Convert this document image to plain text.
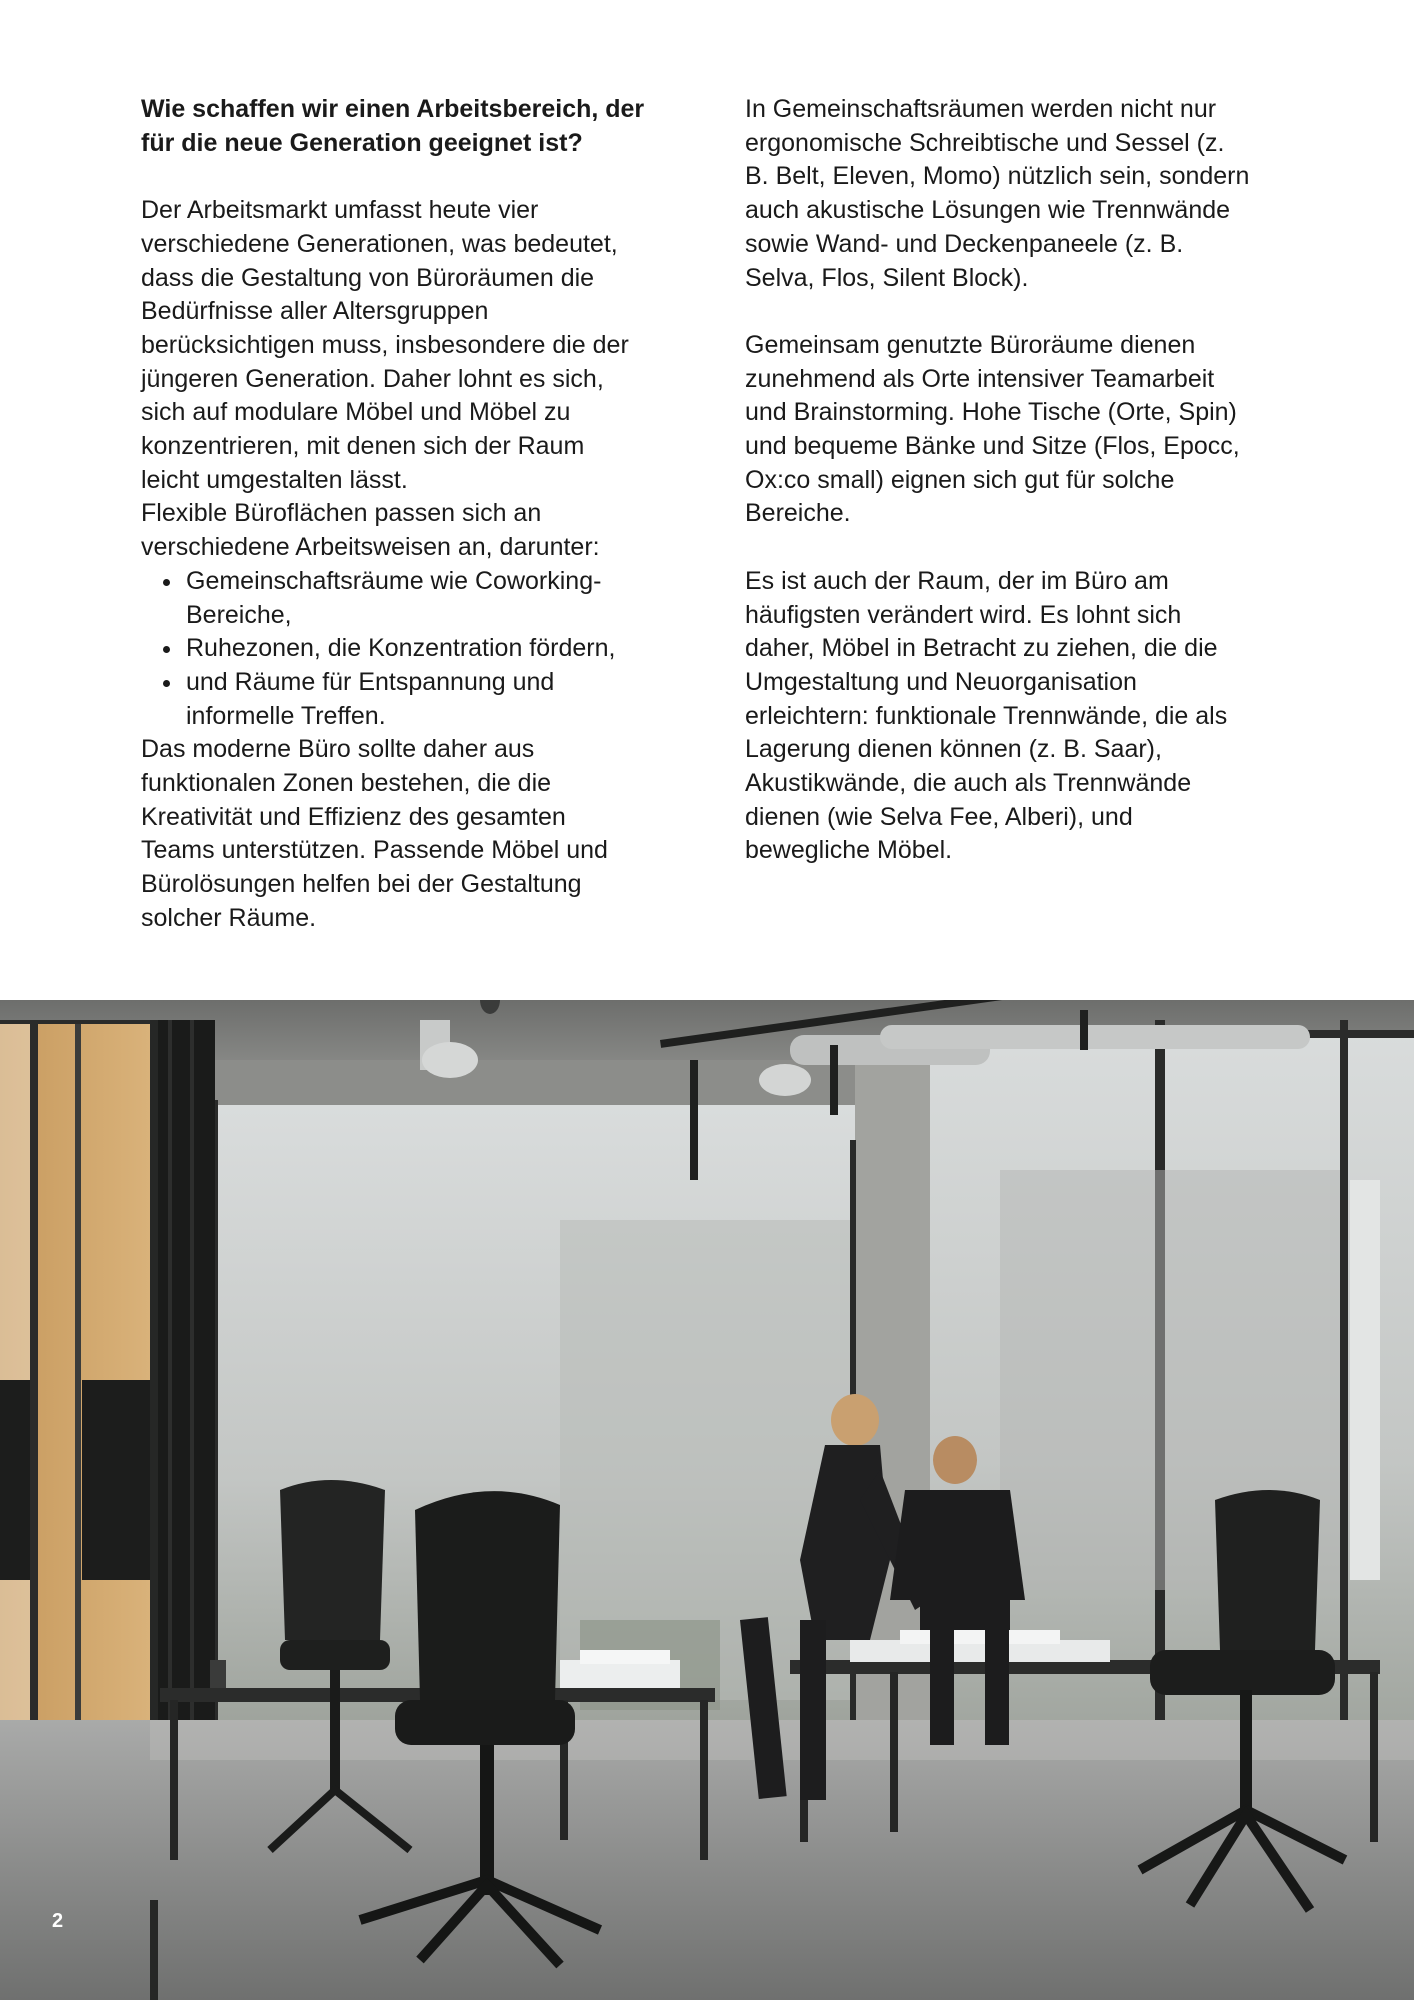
Wie schaffen wir einen Arbeitsbereich, der
für die neue Generation geeignet ist?

Der Arbeitsmarkt umfasst heute vier
verschiedene Generationen, was bedeutet,
dass die Gestaltung von Büroräumen die
Bedürfnisse aller Altersgruppen
berücksichtigen muss, insbesondere die der
jüngeren Generation. Daher lohnt es sich,
sich auf modulare Möbel und Möbel zu
konzentrieren, mit denen sich der Raum
leicht umgestalten lässt.

Flexible Büroflächen passen sich an
verschiedene Arbeitsweisen an, darunter:

Gemeinschaftsräume wie Coworking-
Bereiche,
Ruhezonen, die Konzentration fördern,
und Räume für Entspannung und
informelle Treffen.

Das moderne Büro sollte daher aus
funktionalen Zonen bestehen, die die
Kreativität und Effizienz des gesamten
Teams unterstützen. Passende Möbel und
Bürolösungen helfen bei der Gestaltung
solcher Räume.

In Gemeinschaftsräumen werden nicht nur
ergonomische Schreibtische und Sessel (z.
B. Belt, Eleven, Momo) nützlich sein, sondern
auch akustische Lösungen wie Trennwände
sowie Wand- und Deckenpaneele (z. B.
Selva, Flos, Silent Block).

Gemeinsam genutzte Büroräume dienen
zunehmend als Orte intensiver Teamarbeit
und Brainstorming. Hohe Tische (Orte, Spin)
und bequeme Bänke und Sitze (Flos, Epocc,
Ox:co small) eignen sich gut für solche
Bereiche.

Es ist auch der Raum, der im Büro am
häufigsten verändert wird. Es lohnt sich
daher, Möbel in Betracht zu ziehen, die die
Umgestaltung und Neuorganisation
erleichtern: funktionale Trennwände, die als
Lagerung dienen können (z. B. Saar),
Akustikwände, die auch als Trennwände
dienen (wie Selva Fee, Alberi), und
bewegliche Möbel.

2
